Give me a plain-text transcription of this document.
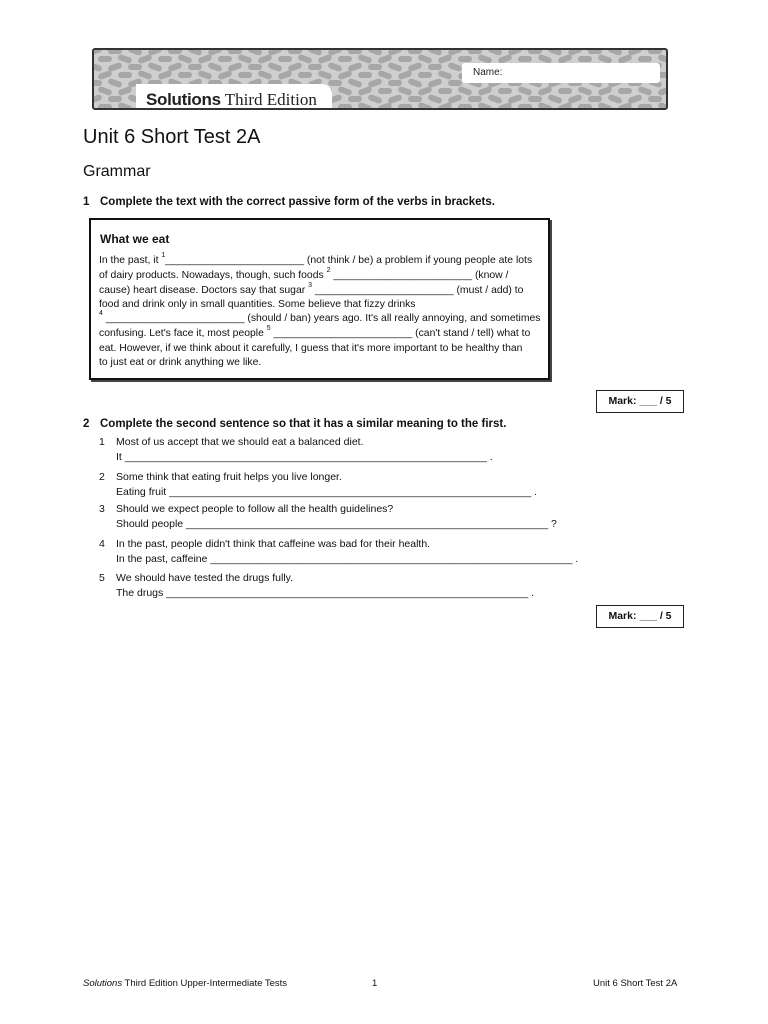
Solutions Third Edition
Name:
Unit 6 Short Test 2A
Grammar
1 Complete the text with the correct passive form of the verbs in brackets.
What we eat
In the past, it $^1$________________________ (not think / be) a problem if young people ate lots
of dairy products. Nowadays, though, such foods $^2$ ________________________ (know /
cause) heart disease. Doctors say that sugar $^3$ ________________________ (must / add) to
food and drink only in small quantities. Some believe that fizzy drinks
$^4$ ________________________ (should / ban) years ago. It's all really annoying, and sometimes
confusing. Let's face it, most people $^5$ ________________________ (can't stand / tell) what to
eat. However, if we think about it carefully, I guess that it's more important to be healthy than
to just eat or drink anything we like.
Mark: ___ / 5
2 Complete the second sentence so that it has a similar meaning to the first.
1 Most of us accept that we should eat a balanced diet.
It ______________________________________________________________ .
2 Some think that eating fruit helps you live longer.
Eating fruit ______________________________________________________________ .
3 Should we expect people to follow all the health guidelines?
Should people ______________________________________________________________ ?
4 In the past, people didn't think that caffeine was bad for their health.
In the past, caffeine ______________________________________________________________ .
5 We should have tested the drugs fully.
The drugs ______________________________________________________________ .
Mark: ___ / 5
Solutions Third Edition Upper-Intermediate Tests	1	Unit 6 Short Test 2A
